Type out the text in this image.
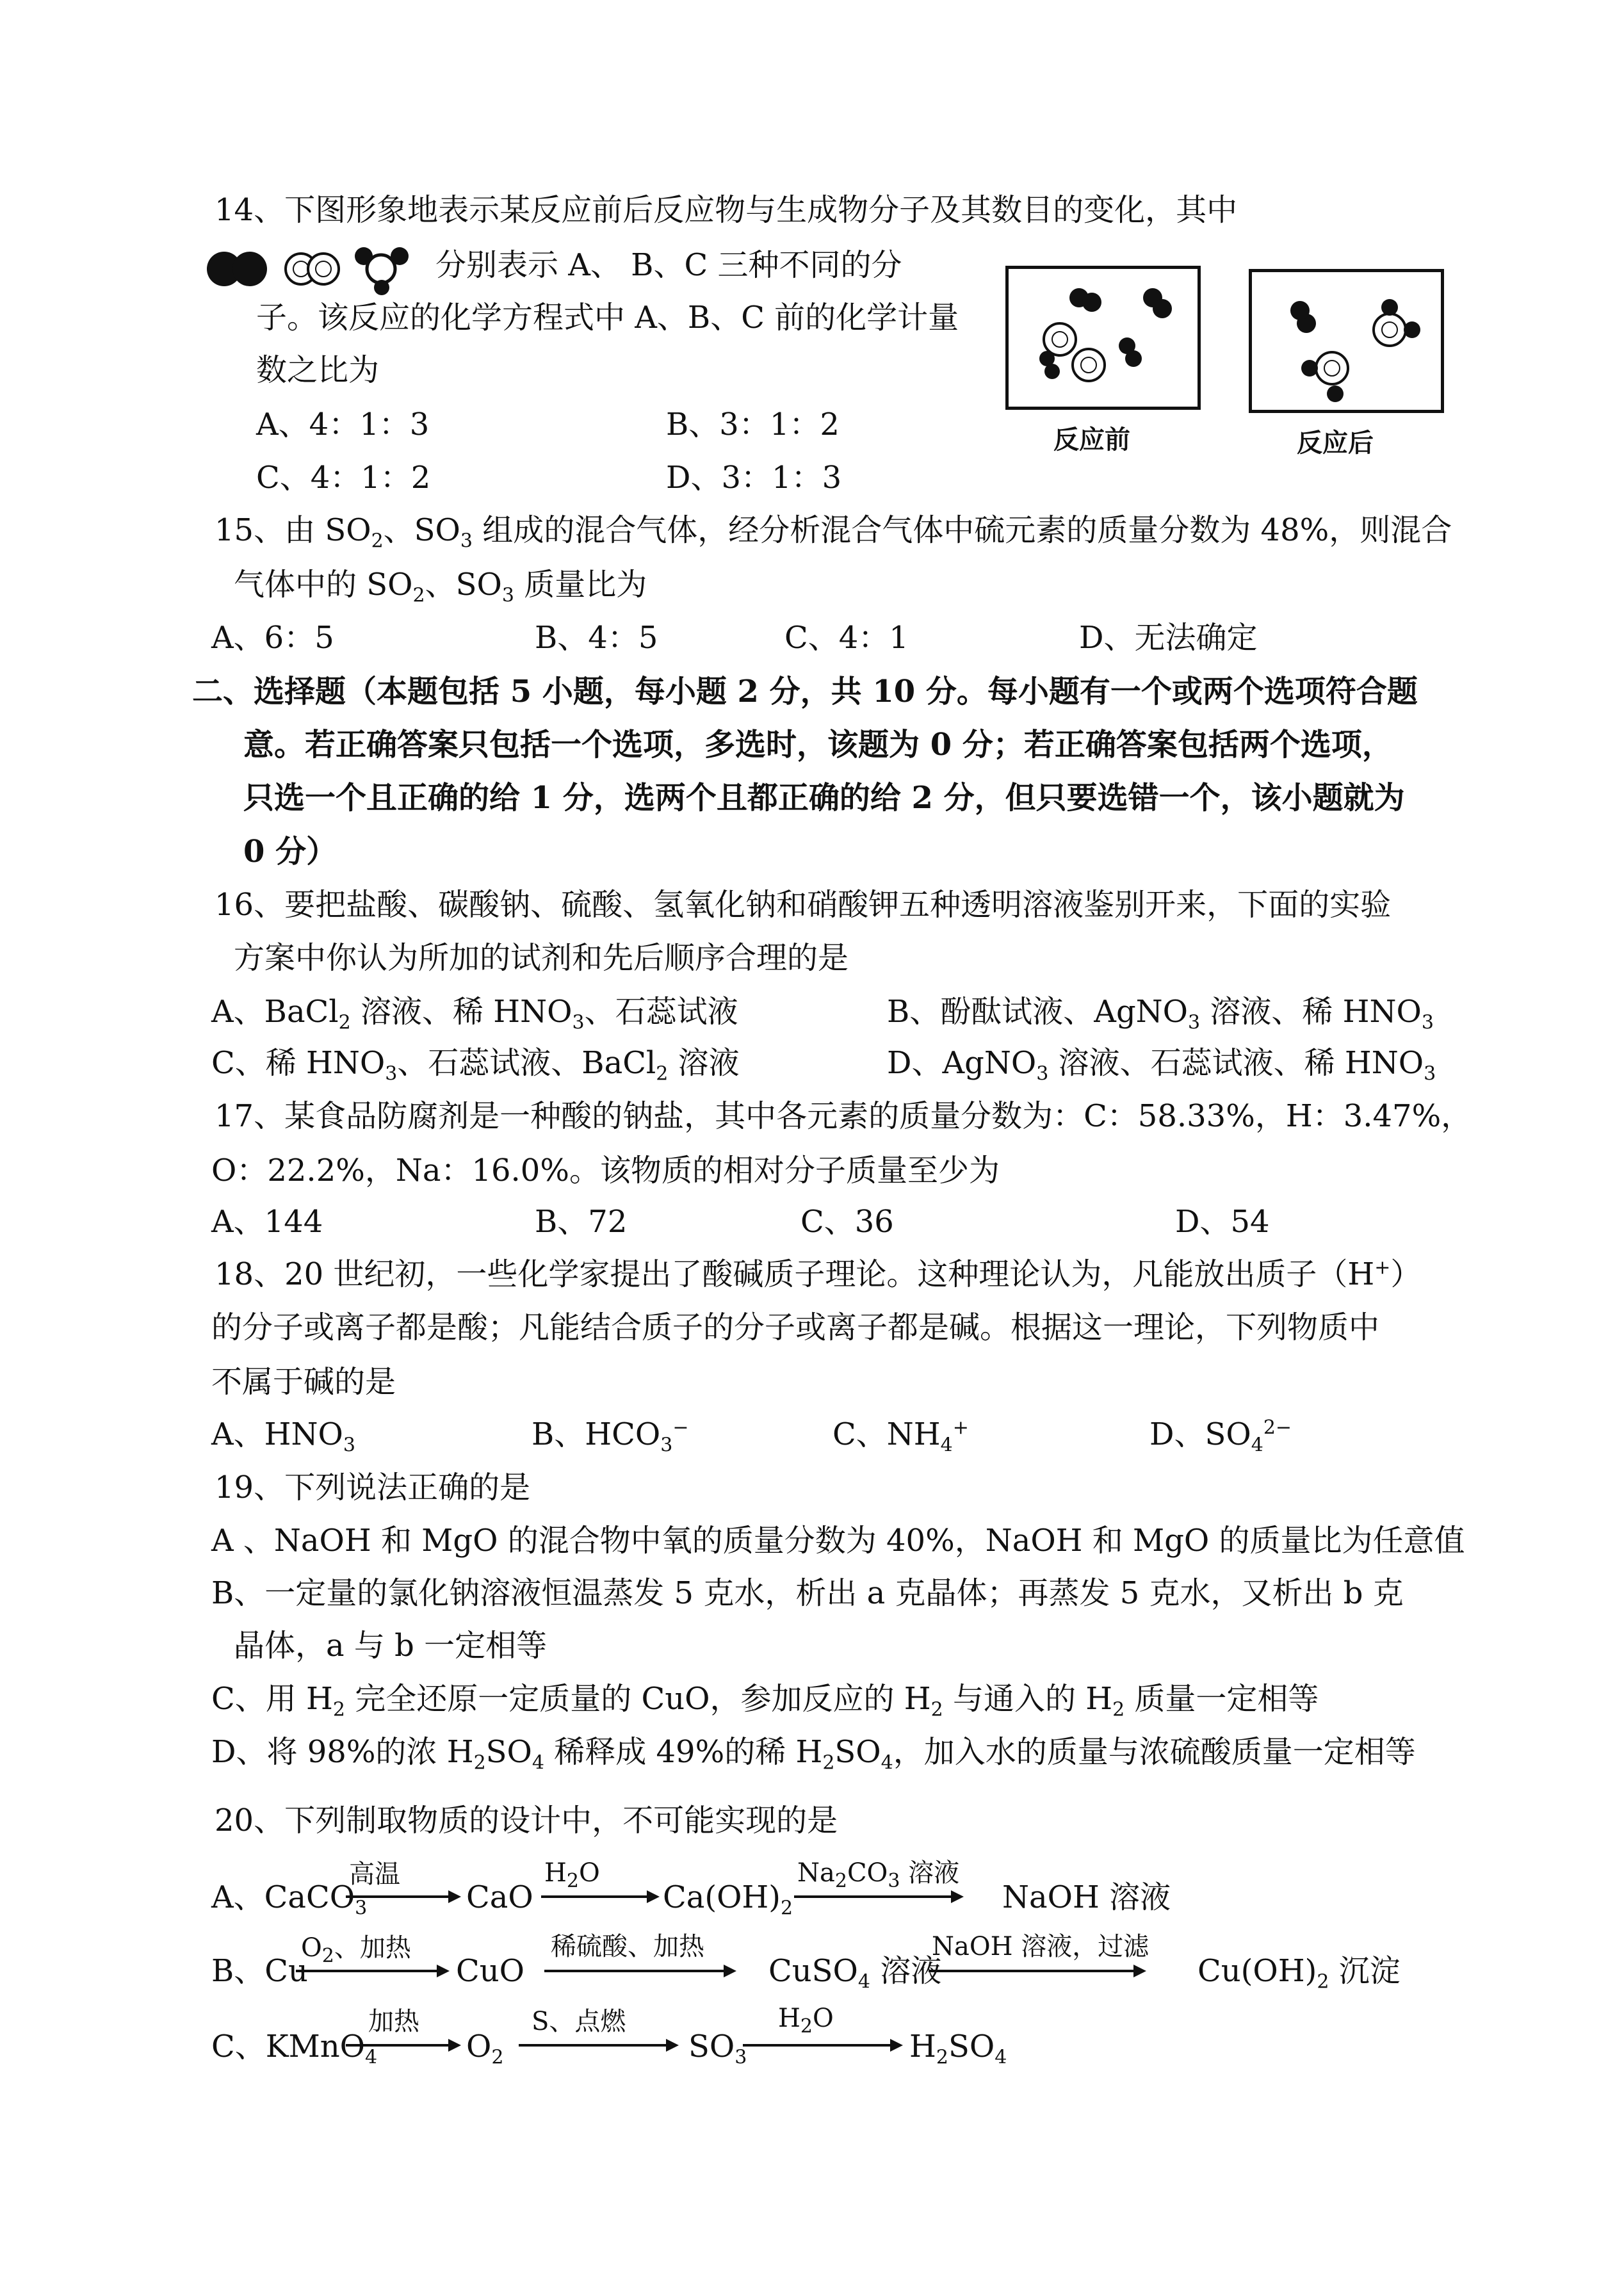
14、下图形象地表示某反应前后反应物与生成物分子及其数目的变化，其中
分别表示 A、 B、C 三种不同的分
子。该反应的化学方程式中 A、B、C 前的化学计量
数之比为
A、4：1：3	B、3：1：2
C、4：1：2	D、3：1：3
反应前	反应后
15、由 $SO_2$、$SO_3$ 组成的混合气体，经分析混合气体中硫元素的质量分数为 48%，则混合
气体中的 $SO_2$、$SO_3$ 质量比为
A、6：5	B、4：5	C、4：1	D、无法确定
二、选择题（本题包括 5 小题，每小题 2 分，共 10 分。每小题有一个或两个选项符合题
意。若正确答案只包括一个选项，多选时，该题为 0 分；若正确答案包括两个选项，
只选一个且正确的给 1 分，选两个且都正确的给 2 分，但只要选错一个，该小题就为
0 分）
16、要把盐酸、碳酸钠、硫酸、氢氧化钠和硝酸钾五种透明溶液鉴别开来，下面的实验
方案中你认为所加的试剂和先后顺序合理的是
A、BaCl$_2$ 溶液、稀 $HNO_3$、石蕊试液	B、酚酞试液、AgNO$_3$ 溶液、稀 $HNO_3$
C、稀 $HNO_3$、石蕊试液、BaCl$_2$ 溶液	D、AgNO$_3$ 溶液、石蕊试液、稀 $HNO_3$
17、某食品防腐剂是一种酸的钠盐，其中各元素的质量分数为：C：58.33%，H：3.47%，
O：22.2%，Na：16.0%。该物质的相对分子质量至少为
A、144	B、72	C、36	D、54
18、20 世纪初，一些化学家提出了酸碱质子理论。这种理论认为，凡能放出质子（H+）
的分子或离子都是酸；凡能结合质子的分子或离子都是碱。根据这一理论，下列物质中
不属于碱的是
A、$HNO_3$	B、$HCO_3^-$	C、$NH_4^+$	D、$SO_4^{2-}$
19、下列说法正确的是
A 、NaOH 和 MgO 的混合物中氧的质量分数为 40%，NaOH 和 MgO 的质量比为任意值
B、一定量的氯化钠溶液恒温蒸发 5 克水，析出 a 克晶体；再蒸发 5 克水，又析出 b 克
晶体，a 与 b 一定相等
C、用 $H_2$ 完全还原一定质量的 CuO，参加反应的 $H_2$ 与通入的 $H_2$ 质量一定相等
D、将 98%的浓 $H_2SO_4$ 稀释成 49%的稀 $H_2SO_4$，加入水的质量与浓硫酸质量一定相等
20、下列制取物质的设计中，不可能实现的是
A、CaCO$_3$
高温
CaO
$H_2O$
$Ca(OH)_2$
$Na_2CO_3$ 溶液
NaOH 溶液
B、Cu
$O_2$、加热
CuO
稀硫酸、加热
CuSO$_4$ 溶液
NaOH 溶液，过滤
$Cu(OH)_2$ 沉淀
C、KMnO$_4$
加热
$O_2$
S、点燃
$SO_3$
$H_2O$
$H_2SO_4$
